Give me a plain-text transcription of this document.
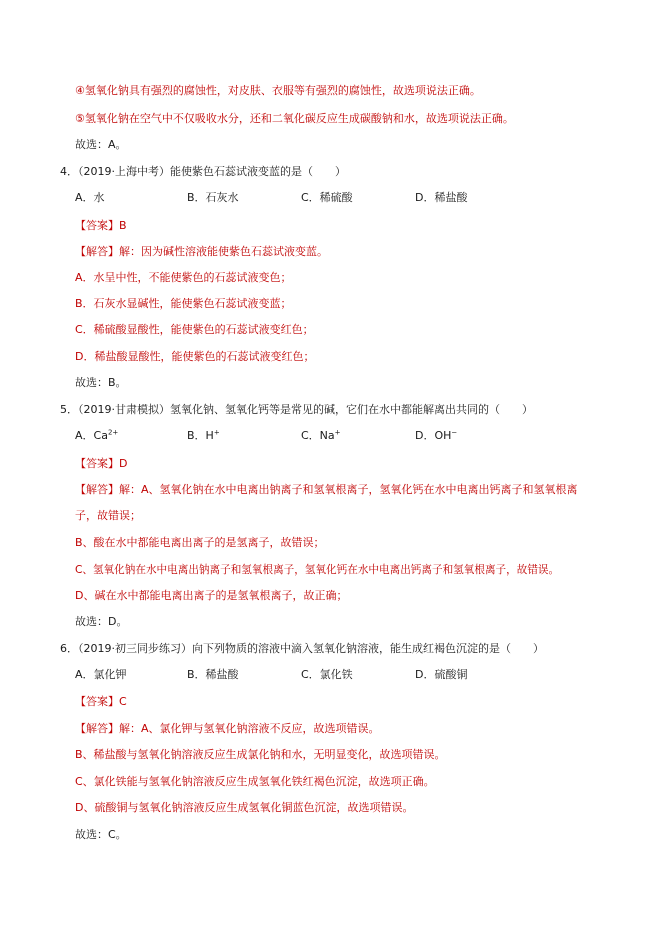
④氢氧化钠具有强烈的腐蚀性，对皮肤、衣服等有强烈的腐蚀性，故选项说法正确。
⑤氢氧化钠在空气中不仅吸收水分，还和二氧化碳反应生成碳酸钠和水，故选项说法正确。
故选：A。
4．（2019·上海中考）能使紫色石蕊试液变蓝的是（　　）
A．水	B．石灰水	C．稀硫酸	D．稀盐酸
【答案】B
【解答】解：因为碱性溶液能使紫色石蕊试液变蓝。
A．水呈中性，不能使紫色的石蕊试液变色；
B．石灰水显碱性，能使紫色石蕊试液变蓝；
C．稀硫酸显酸性，能使紫色的石蕊试液变红色；
D．稀盐酸显酸性，能使紫色的石蕊试液变红色；
故选：B。
5．（2019·甘肃模拟）氢氧化钠、氢氧化钙等是常见的碱，它们在水中都能解离出共同的（　　）
A．$Ca^{2+}$	B．H+	C．Na+	D．OH−
【答案】D
【解答】解：A、氢氧化钠在水中电离出钠离子和氢氧根离子，氢氧化钙在水中电离出钙离子和氢氧根离
子，故错误；
B、酸在水中都能电离出离子的是氢离子，故错误；
C、氢氧化钠在水中电离出钠离子和氢氧根离子，氢氧化钙在水中电离出钙离子和氢氧根离子，故错误。
D、碱在水中都能电离出离子的是氢氧根离子，故正确；
故选：D。
6．（2019·初三同步练习）向下列物质的溶液中滴入氢氧化钠溶液，能生成红褐色沉淀的是（　　）
A．氯化钾	B．稀盐酸	C．氯化铁	D．硫酸铜
【答案】C
【解答】解：A、氯化钾与氢氧化钠溶液不反应，故选项错误。
B、稀盐酸与氢氧化钠溶液反应生成氯化钠和水，无明显变化，故选项错误。
C、氯化铁能与氢氧化钠溶液反应生成氢氧化铁红褐色沉淀，故选项正确。
D、硫酸铜与氢氧化钠溶液反应生成氢氧化铜蓝色沉淀，故选项错误。
故选：C。
